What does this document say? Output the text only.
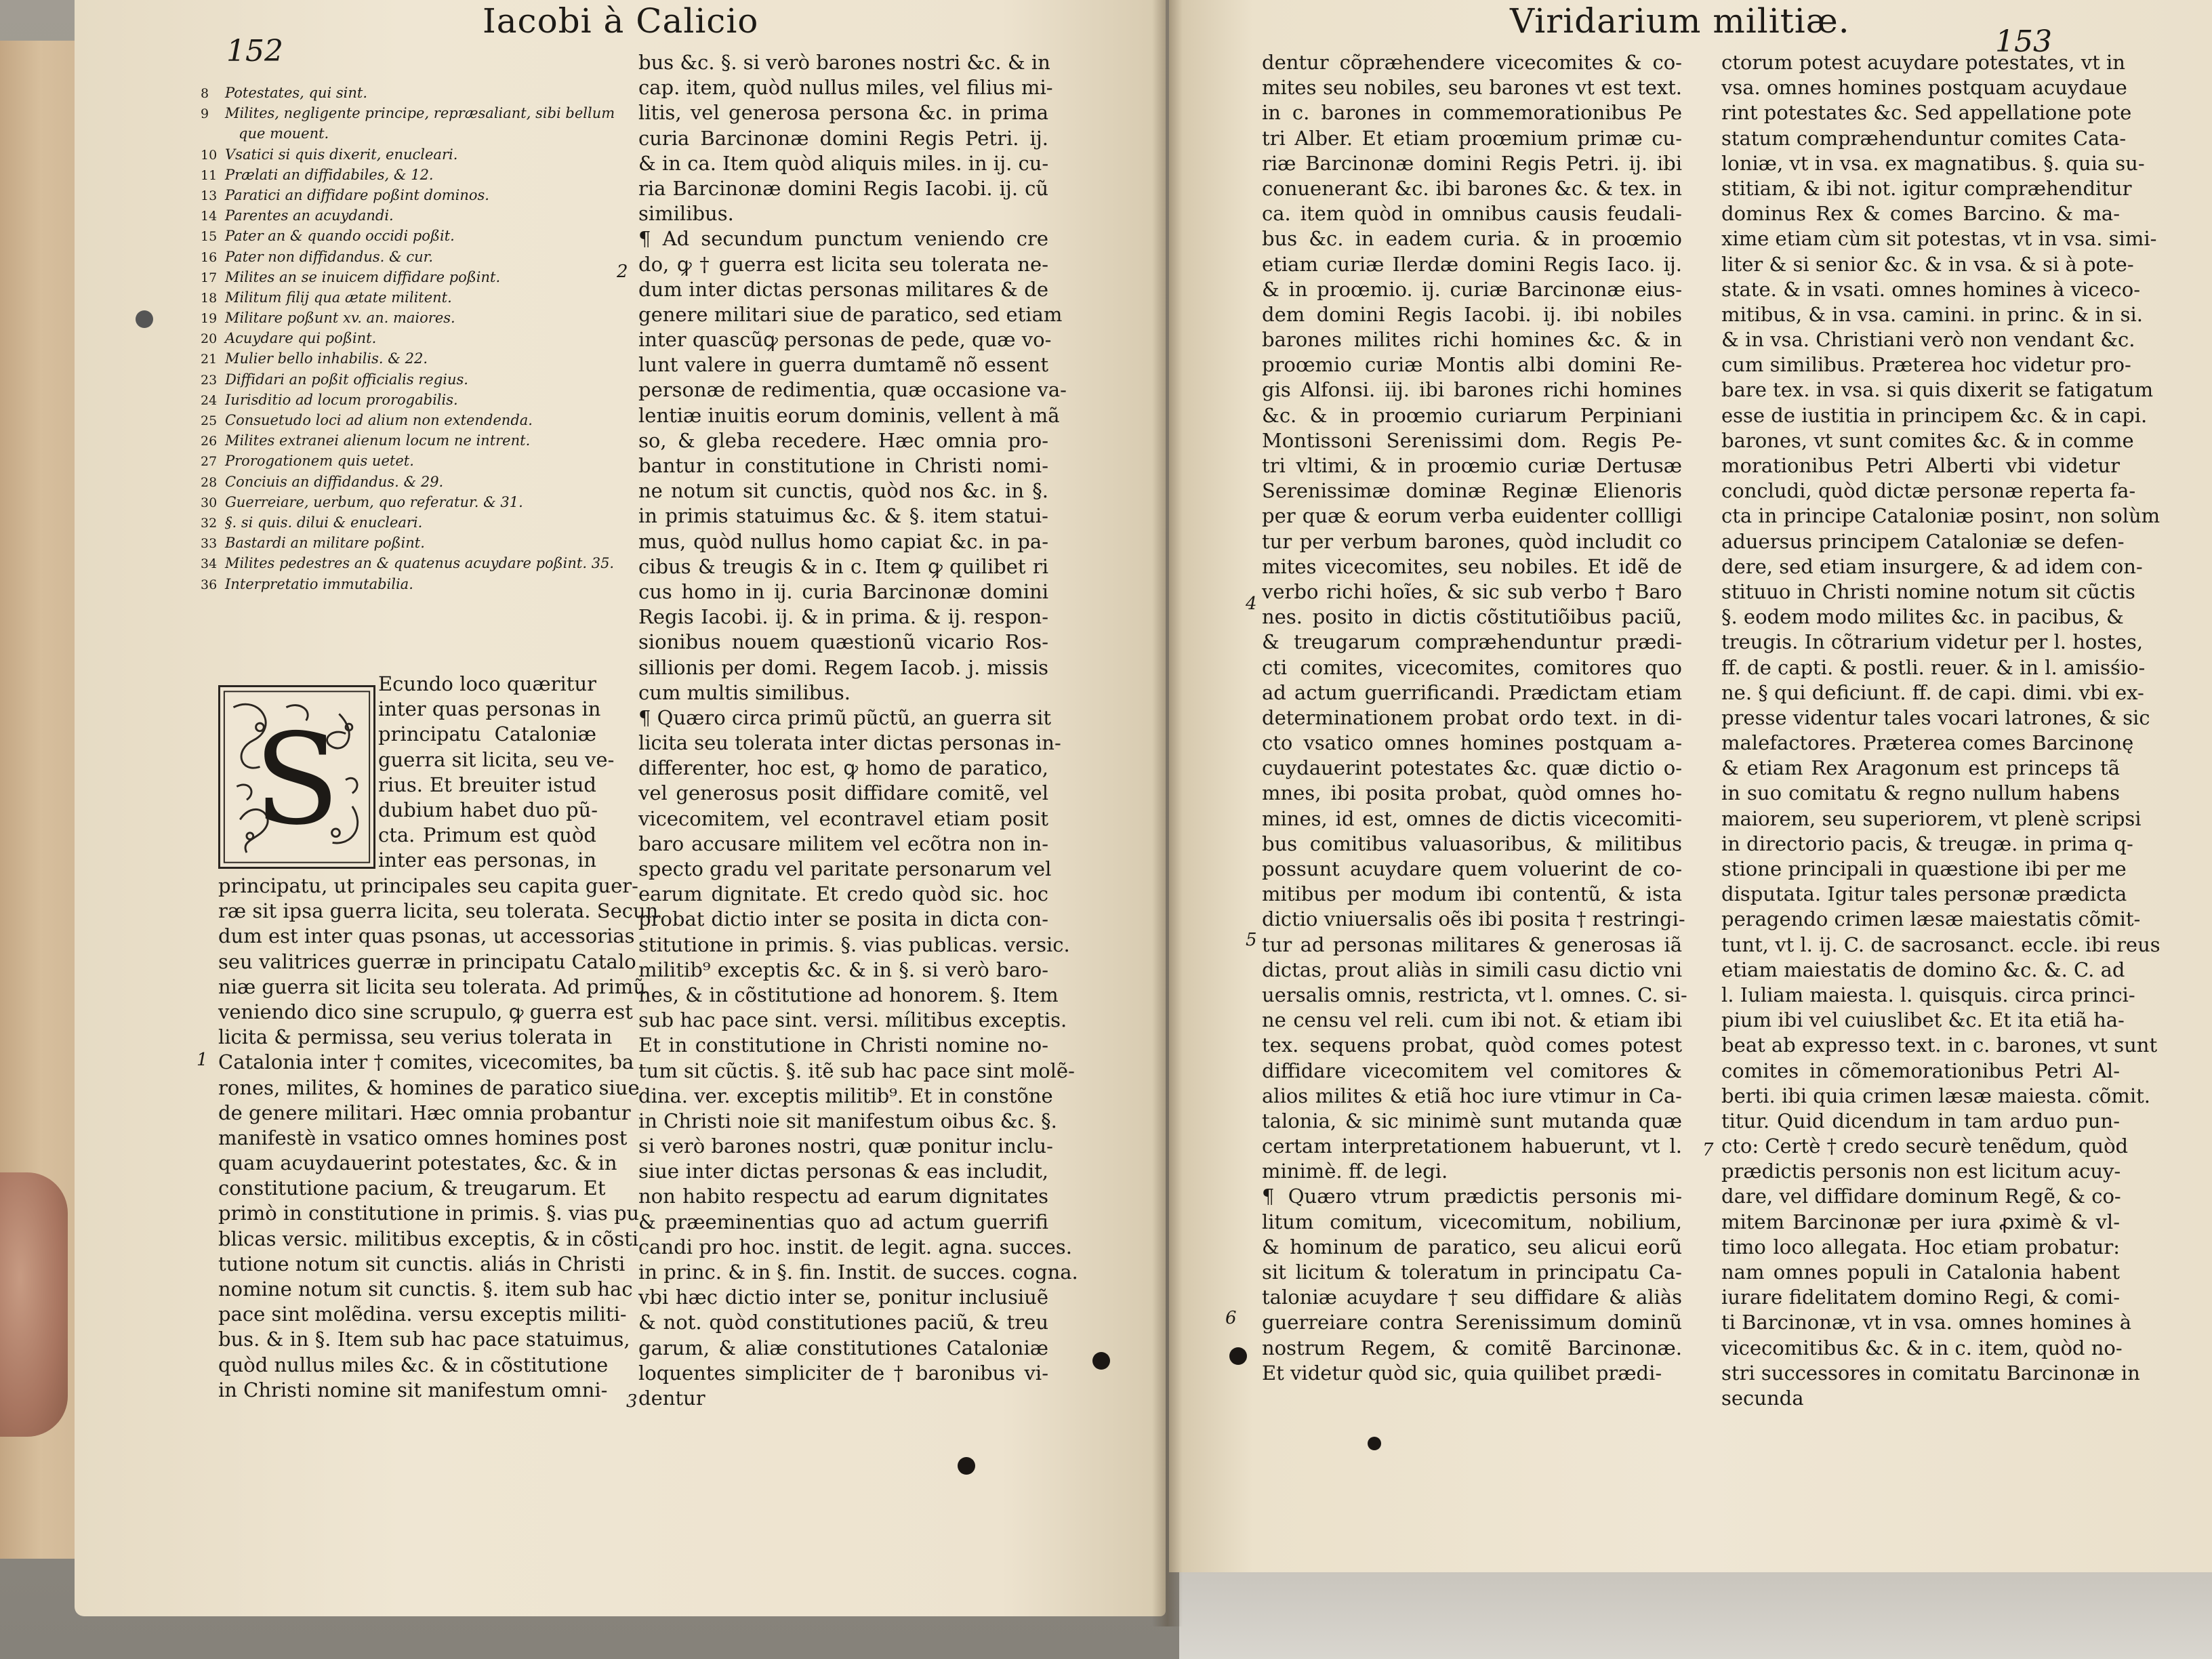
152
Iacobi à Calicio
8 Potestates, qui sint.
9 Milites, negligente principe, repræsaliant, sibi bellum
que mouent.
10 Vsatici si quis dixerit, enucleari.
11 Prælati an diffidabiles, & 12.
13 Paratici an diffidare poßint dominos.
14 Parentes an acuydandi.
15 Pater an & quando occidi poßit.
16 Pater non diffidandus. & cur.
17 Milites an se inuicem diffidare poßint.
18 Militum filij qua ætate militent.
19 Militare poßunt xv. an. maiores.
20 Acuydare qui poßint.
21 Mulier bello inhabilis. & 22.
23 Diffidari an poßit officialis regius.
24 Iurisditio ad locum prorogabilis.
25 Consuetudo loci ad alium non extendenda.
26 Milites extranei alienum locum ne intrent.
27 Prorogationem quis uetet.
28 Conciuis an diffidandus. & 29.
30 Guerreiare, uerbum, quo referatur. & 31.
32 §. si quis. dilui & enucleari.
33 Bastardi an militare poßint.
34 Milites pedestres an & quatenus acuydare poßint. 35.
36 Interpretatio immutabilia.
S
Ecundo loco quæritur
inter quas personas in
principatu Cataloniæ
guerra sit licita, seu ve-
rius. Et breuiter istud
dubium habet duo pũ-
cta. Primum est quòd
inter eas personas, in
principatu, ut principales seu capita guer-
ræ sit ipsa guerra licita, seu tolerata. Secun
dum est inter quas psonas, ut accessorias
seu valitrices guerræ in principatu Catalo
niæ guerra sit licita seu tolerata. Ad primũ
veniendo dico sine scrupulo, ꝙ guerra est
licita & permissa, seu verius tolerata in
Catalonia inter † comites, vicecomites, ba
rones, milites, & homines de paratico siue
de genere militari. Hæc omnia probantur
manifestè in vsatico omnes homines post
quam acuydauerint potestates, &c. & in
constitutione pacium, & treugarum. Et
primò in constitutione in primis. §. vias pu
blicas versic. militibus exceptis, & in cõsti
tutione notum sit cunctis. aliás in Christi
nomine notum sit cunctis. §. item sub hac
pace sint molẽdina. versu exceptis militi-
bus. & in §. Item sub hac pace statuimus,
quòd nullus miles &c. & in cõstitutione
in Christi nomine sit manifestum omni-
bus &c. §. si verò barones nostri &c. & in
cap. item, quòd nullus miles, vel filius mi-
litis, vel generosa persona &c. in prima
curia Barcinonæ domini Regis Petri. ij.
& in ca. Item quòd aliquis miles. in ij. cu-
ria Barcinonæ domini Regis Iacobi. ij. cũ
similibus.
¶ Ad secundum punctum veniendo cre
do, ꝙ † guerra est licita seu tolerata ne-
dum inter dictas personas militares & de
genere militari siue de paratico, sed etiam
inter quascũꝙ personas de pede, quæ vo-
lunt valere in guerra dumtamẽ nõ essent
personæ de redimentia, quæ occasione va-
lentiæ inuitis eorum dominis, vellent à mã
so, & gleba recedere. Hæc omnia pro-
bantur in constitutione in Christi nomi-
ne notum sit cunctis, quòd nos &c. in §.
in primis statuimus &c. & §. item statui-
mus, quòd nullus homo capiat &c. in pa-
cibus & treugis & in c. Item ꝙ quilibet ri
cus homo in ij. curia Barcinonæ domini
Regis Iacobi. ij. & in prima. & ij. respon-
sionibus nouem quæstionũ vicario Ros-
sillionis per domi. Regem Iacob. j. missis
cum multis similibus.
¶ Quæro circa primũ pũctũ, an guerra sit
licita seu tolerata inter dictas personas in-
differenter, hoc est, ꝙ homo de paratico,
vel generosus posit diffidare comitẽ, vel
vicecomitem, vel econtravel etiam posit
baro accusare militem vel ecõtra non in-
specto gradu vel paritate personarum vel
earum dignitate. Et credo quòd sic. hoc
probat dictio inter se posita in dicta con-
stitutione in primis. §. vias publicas. versic.
militib⁹ exceptis &c. & in §. si verò baro-
nes, & in cõstitutione ad honorem. §. Item
sub hac pace sint. versi. mílitibus exceptis.
Et in constitutione in Christi nomine no-
tum sit cũctis. §. itẽ sub hac pace sint molẽ-
dina. ver. exceptis militib⁹. Et in constõne
in Christi noie sit manifestum oibus &c. §.
si verò barones nostri, quæ ponitur inclu-
siue inter dictas personas & eas includit,
non habito respectu ad earum dignitates
& præeminentias quo ad actum guerrifi
candi pro hoc. instit. de legit. agna. succes.
in princ. & in §. fin. Instit. de succes. cogna.
vbi hæc dictio inter se, ponitur inclusiuẽ
& not. quòd constitutiones paciũ, & treu
garum, & aliæ constitutiones Cataloniæ
loquentes simpliciter de † baronibus vi-
dentur
2
1
3
Viridarium militiæ.
153
dentur cõpræhendere vicecomites & co-
mites seu nobiles, seu barones vt est text.
in c. barones in commemorationibus Pe
tri Alber. Et etiam proœmium primæ cu-
riæ Barcinonæ domini Regis Petri. ij. ibi
conuenerant &c. ibi barones &c. & tex. in
ca. item quòd in omnibus causis feudali-
bus &c. in eadem curia. & in proœmio
etiam curiæ Ilerdæ domini Regis Iaco. ij.
& in proœmio. ij. curiæ Barcinonæ eius-
dem domini Regis Iacobi. ij. ibi nobiles
barones milites richi homines &c. & in
proœmio curiæ Montis albi domini Re-
gis Alfonsi. iij. ibi barones richi homines
&c. & in proœmio curiarum Perpiniani
Montissoni Serenissimi dom. Regis Pe-
tri vltimi, & in proœmio curiæ Dertusæ
Serenissimæ dominæ Reginæ Elienoris
per quæ & eorum verba euidenter collligi
tur per verbum barones, quòd includit co
mites vicecomites, seu nobiles. Et idẽ de
verbo richi hoĩes, & sic sub verbo † Baro
nes. posito in dictis cõstitutiõibus paciũ,
& treugarum compræhenduntur prædi-
cti comites, vicecomites, comitores quo
ad actum guerrificandi. Prædictam etiam
determinationem probat ordo text. in di-
cto vsatico omnes homines postquam a-
cuydauerint potestates &c. quæ dictio o-
mnes, ibi posita probat, quòd omnes ho-
mines, id est, omnes de dictis vicecomiti-
bus comitibus valuasoribus, & militibus
possunt acuydare quem voluerint de co-
mitibus per modum ibi contentũ, & ista
dictio vniuersalis oẽs ibi posita † restringi-
tur ad personas militares & generosas iã
dictas, prout aliàs in simili casu dictio vni
uersalis omnis, restricta, vt l. omnes. C. si-
ne censu vel reli. cum ibi not. & etiam ibi
tex. sequens probat, quòd comes potest
diffidare vicecomitem vel comitores &
alios milites & etiã hoc iure vtimur in Ca-
talonia, & sic minimè sunt mutanda quæ
certam interpretationem habuerunt, vt l.
minimè. ff. de legi.
¶ Quæro vtrum prædictis personis mi-
litum comitum, vicecomitum, nobilium,
& hominum de paratico, seu alicui eorũ
sit licitum & toleratum in principatu Ca-
taloniæ acuydare † seu diffidare & aliàs
guerreiare contra Serenissimum dominũ
nostrum Regem, & comitẽ Barcinonæ.
Et videtur quòd sic, quia quilibet prædi-
ctorum potest acuydare potestates, vt in
vsa. omnes homines postquam acuydaue
rint potestates &c. Sed appellatione pote
statum compræhenduntur comites Cata-
loniæ, vt in vsa. ex magnatibus. §. quia su-
stitiam, & ibi not. igitur compræhenditur
dominus Rex & comes Barcino. & ma-
xime etiam cùm sit potestas, vt in vsa. simi-
liter & si senior &c. & in vsa. & si à pote-
state. & in vsati. omnes homines à viceco-
mitibus, & in vsa. camini. in princ. & in si.
& in vsa. Christiani verò non vendant &c.
cum similibus. Præterea hoc videtur pro-
bare tex. in vsa. si quis dixerit se fatigatum
esse de iustitia in principem &c. & in capi.
barones, vt sunt comites &c. & in comme
morationibus Petri Alberti vbi videtur
concludi, quòd dictæ personæ reperta fa-
cta in principe Cataloniæ posinτ, non solùm
aduersus principem Cataloniæ se defen-
dere, sed etiam insurgere, & ad idem con-
stituuo in Christi nomine notum sit cũctis
§. eodem modo milites &c. in pacibus, &
treugis. In cõtrarium videtur per l. hostes,
ff. de capti. & postli. reuer. & in l. amisśio-
ne. § qui deficiunt. ff. de capi. dimi. vbi ex-
presse videntur tales vocari latrones, & sic
malefactores. Præterea comes Barcinonę
& etiam Rex Aragonum est princeps tã
in suo comitatu & regno nullum habens
maiorem, seu superiorem, vt plenè scripsi
in directorio pacis, & treugæ. in prima q-
stione principali in quæstione ibi per me
disputata. Igitur tales personæ prædicta
peragendo crimen læsæ maiestatis cõmit-
tunt, vt l. ij. C. de sacrosanct. eccle. ibi reus
etiam maiestatis de domino &c. &. C. ad
l. Iuliam maiesta. l. quisquis. circa princi-
pium ibi vel cuiuslibet &c. Et ita etiã ha-
beat ab expresso text. in c. barones, vt sunt
comites in cõmemorationibus Petri Al-
berti. ibi quia crimen læsæ maiesta. cõmit.
titur. Quid dicendum in tam arduo pun-
cto: Certè † credo securè tenẽdum, quòd
prædictis personis non est licitum acuy-
dare, vel diffidare dominum Regẽ, & co-
mitem Barcinonæ per iura ꝓximè & vl-
timo loco allegata. Hoc etiam probatur:
nam omnes populi in Catalonia habent
iurare fidelitatem domino Regi, & comi-
ti Barcinonæ, vt in vsa. omnes homines à
vicecomitibus &c. & in c. item, quòd no-
stri successores in comitatu Barcinonæ in
secunda
4
5
6
7
